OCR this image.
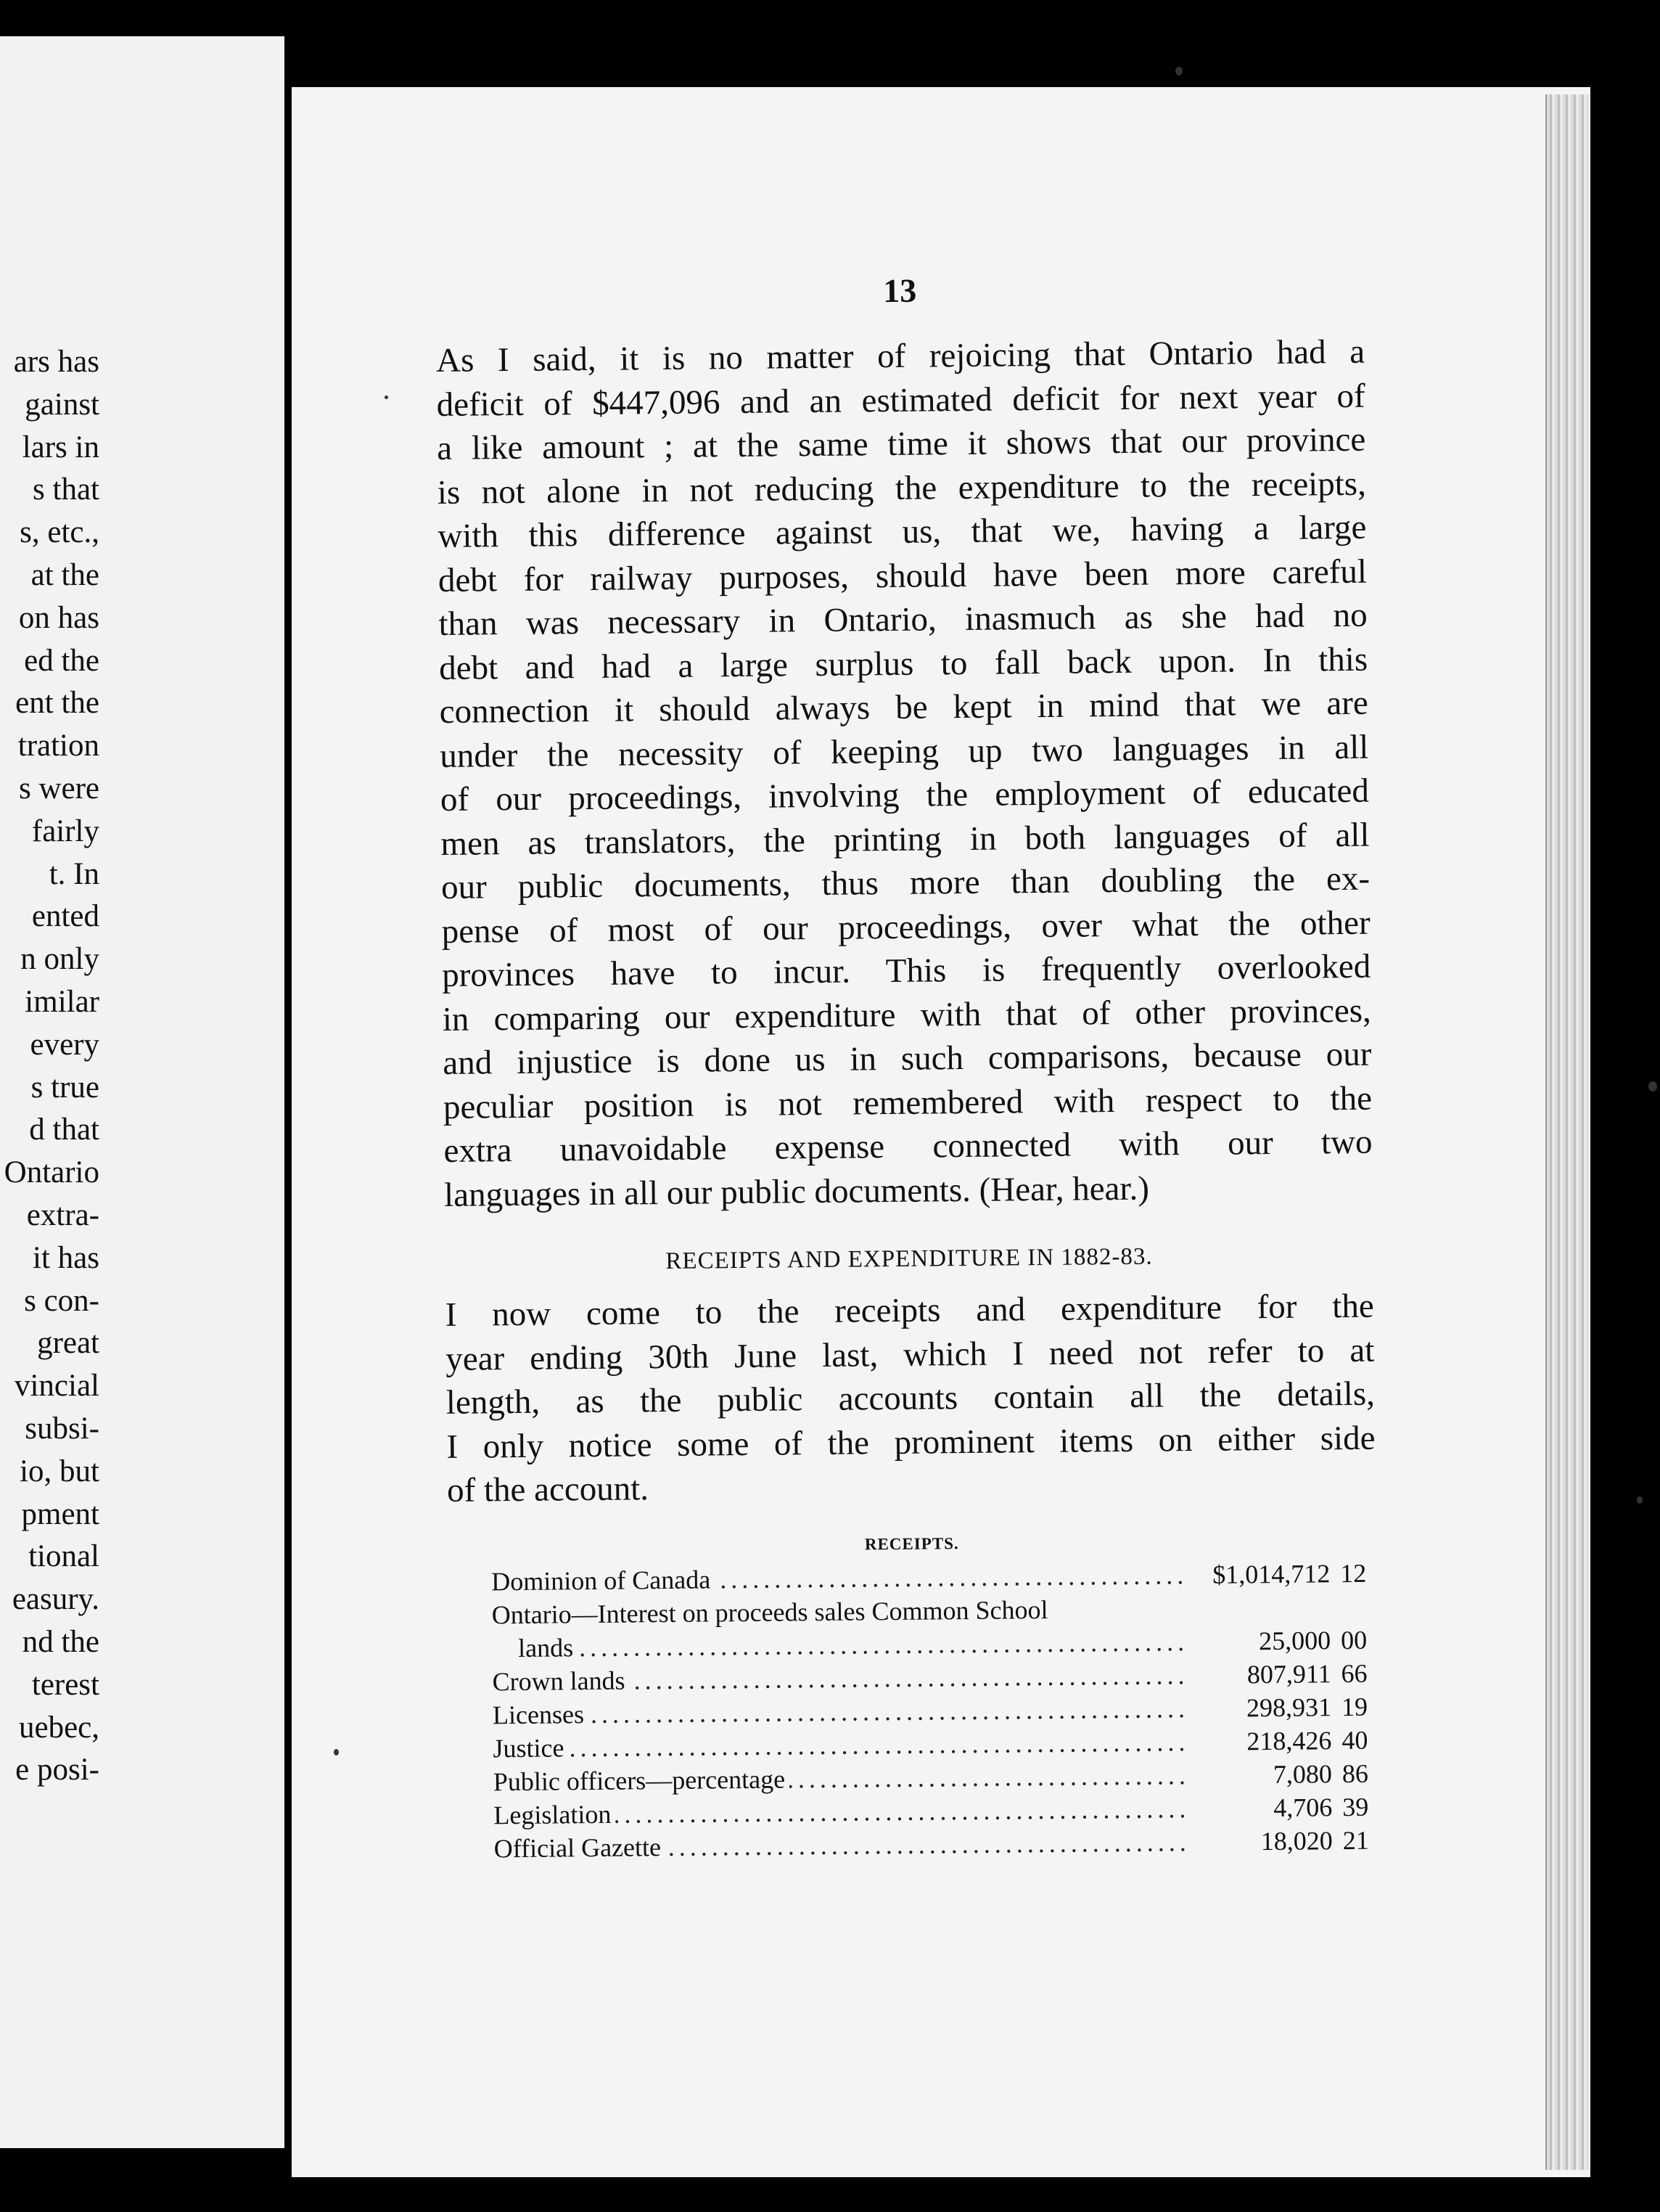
ars has
gainst
lars in
s that
s, etc.,
at the
on has
ed the
ent the
tration
s were
fairly
t. In
ented
n only
imilar
every
s true
d that
Ontario
extra-
it has
s con-
great
vincial
subsi-
io, but
pment
tional
easury.
nd the
terest
uebec,
e posi-
13
As I said, it is no matter of rejoicing that Ontario had a
deficit of $447,096 and an estimated deficit for next year of
a like amount ; at the same time it shows that our province
is not alone in not reducing the expenditure to the receipts,
with this difference against us, that we, having a large
debt for railway purposes, should have been more careful
than was necessary in Ontario, inasmuch as she had no
debt and had a large surplus to fall back upon. In this
connection it should always be kept in mind that we are
under the necessity of keeping up two languages in all
of our proceedings, involving the employment of educated
men as translators, the printing in both languages of all
our public documents, thus more than doubling the ex-
pense of most of our proceedings, over what the other
provinces have to incur. This is frequently overlooked
in comparing our expenditure with that of other provinces,
and injustice is done us in such comparisons, because our
peculiar position is not remembered with respect to the
extra unavoidable expense connected with our two
languages in all our public documents. (Hear, hear.)
RECEIPTS AND EXPENDITURE IN 1882-83.
I now come to the receipts and expenditure for the
year ending 30th June last, which I need not refer to at
length, as the public accounts contain all the details,
I only notice some of the prominent items on either side
of the account.
RECEIPTS.
Dominion of Canada .....	$1,014,712	12
Ontario—Interest on proceeds sales Common School		
lands .....	25,000	00
Crown lands .....	807,911	66
Licenses .....	298,931	19
Justice .....	218,426	40
Public officers—percentage .....	7,080	86
Legislation .....	4,706	39
Official Gazette .....	18,020	21
